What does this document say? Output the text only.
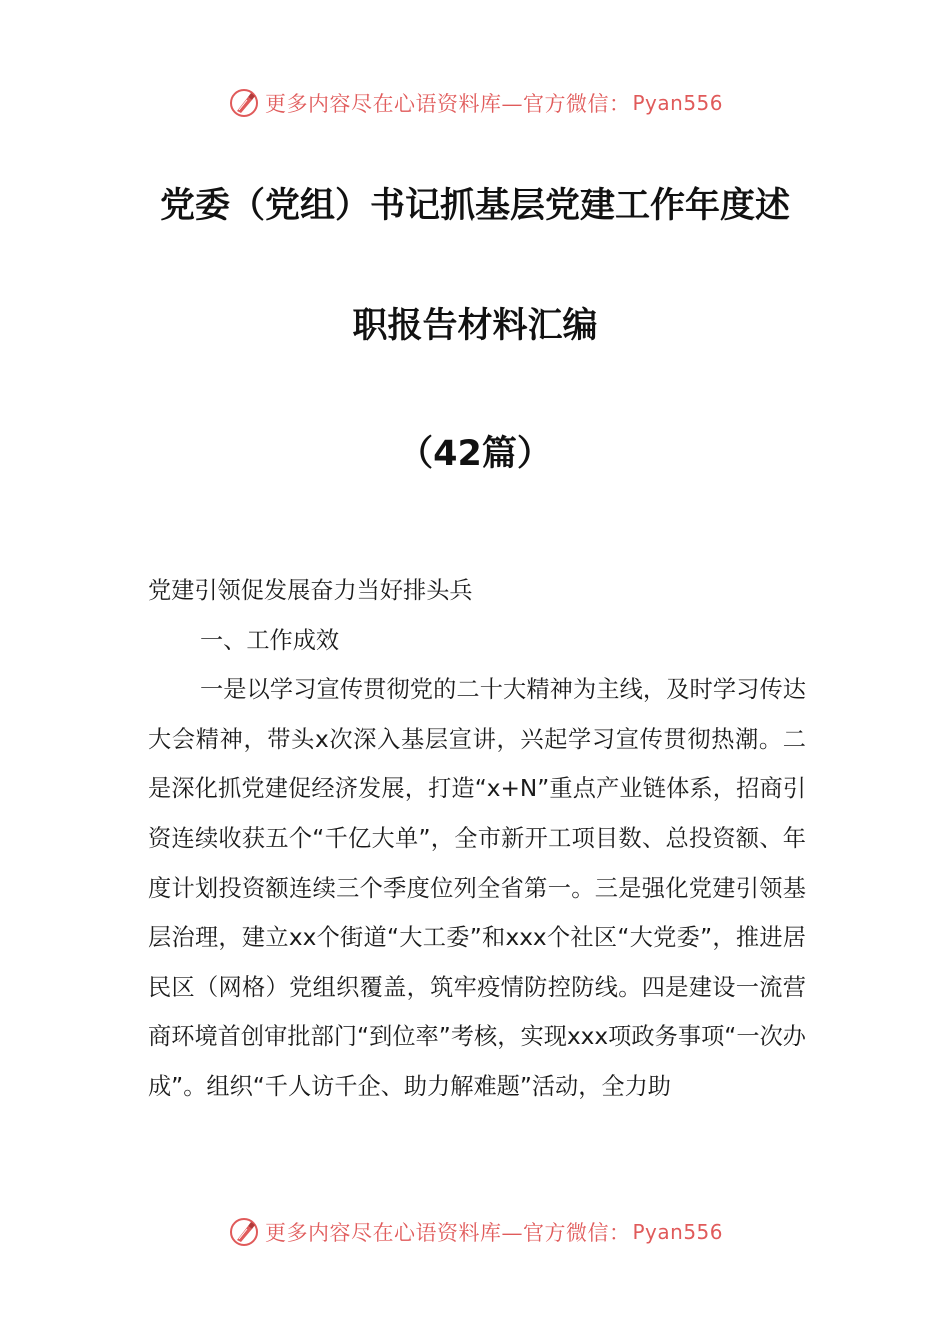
更多内容尽在心语资料库—官方微信： Pyan556
党委（党组）书记抓基层党建工作年度述
职报告材料汇编
（42篇）

党建引领促发展奋力当好排头兵

一、工作成效

一是以学习宣传贯彻党的二十大精神为主线，及时学习传达大会精神，带头x次深入基层宣讲，兴起学习宣传贯彻热潮。二是深化抓党建促经济发展，打造“x+N”重点产业链体系，招商引资连续收获五个“千亿大单”，全市新开工项目数、总投资额、年度计划投资额连续三个季度位列全省第一。三是强化党建引领基层治理，建立xx个街道“大工委”和xxx个社区“大党委”，推进居民区（网格）党组织覆盖，筑牢疫情防控防线。四是建设一流营商环境首创审批部门“到位率”考核，实现xxx项政务事项“一次办成”。组织“千人访千企、助力解难题”活动，全力助

更多内容尽在心语资料库—官方微信： Pyan556
